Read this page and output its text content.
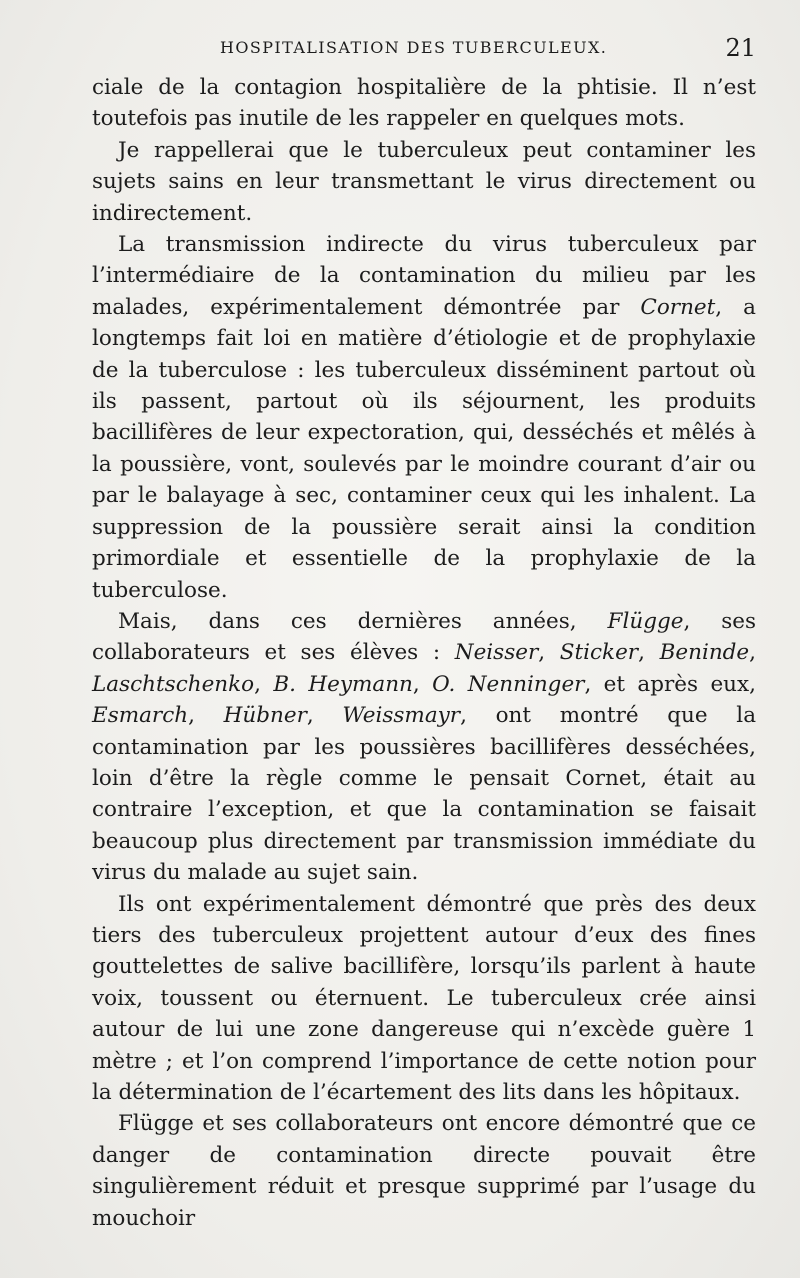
HOSPITALISATION DES TUBERCULEUX.	21

ciale de la contagion hospitalière de la phtisie. Il n’est toutefois pas inutile de les rappeler en quelques mots.

Je rappellerai que le tuberculeux peut contaminer les sujets sains en leur transmettant le virus directement ou indirectement.

La transmission indirecte du virus tuberculeux par l’intermédiaire de la contamination du milieu par les malades, expérimentalement démontrée par Cornet, a longtemps fait loi en matière d’étiologie et de prophylaxie de la tuberculose : les tuberculeux disséminent partout où ils passent, partout où ils séjournent, les produits bacillifères de leur expectoration, qui, desséchés et mêlés à la poussière, vont, soulevés par le moindre courant d’air ou par le balayage à sec, contaminer ceux qui les inhalent. La suppression de la poussière serait ainsi la condition primordiale et essentielle de la prophylaxie de la tuberculose.

Mais, dans ces dernières années, Flügge, ses collaborateurs et ses élèves : Neisser, Sticker, Beninde, Laschtschenko, B. Heymann, O. Nenninger, et après eux, Esmarch, Hübner, Weissmayr, ont montré que la contamination par les poussières bacillifères desséchées, loin d’être la règle comme le pensait Cornet, était au contraire l’exception, et que la contamination se faisait beaucoup plus directement par transmission immédiate du virus du malade au sujet sain.

Ils ont expérimentalement démontré que près des deux tiers des tuberculeux projettent autour d’eux des fines gouttelettes de salive bacillifère, lorsqu’ils parlent à haute voix, toussent ou éternuent. Le tuberculeux crée ainsi autour de lui une zone dangereuse qui n’excède guère 1 mètre ; et l’on comprend l’importance de cette notion pour la détermination de l’écartement des lits dans les hôpitaux.

Flügge et ses collaborateurs ont encore démontré que ce danger de contamination directe pouvait être singulièrement réduit et presque supprimé par l’usage du mouchoir
